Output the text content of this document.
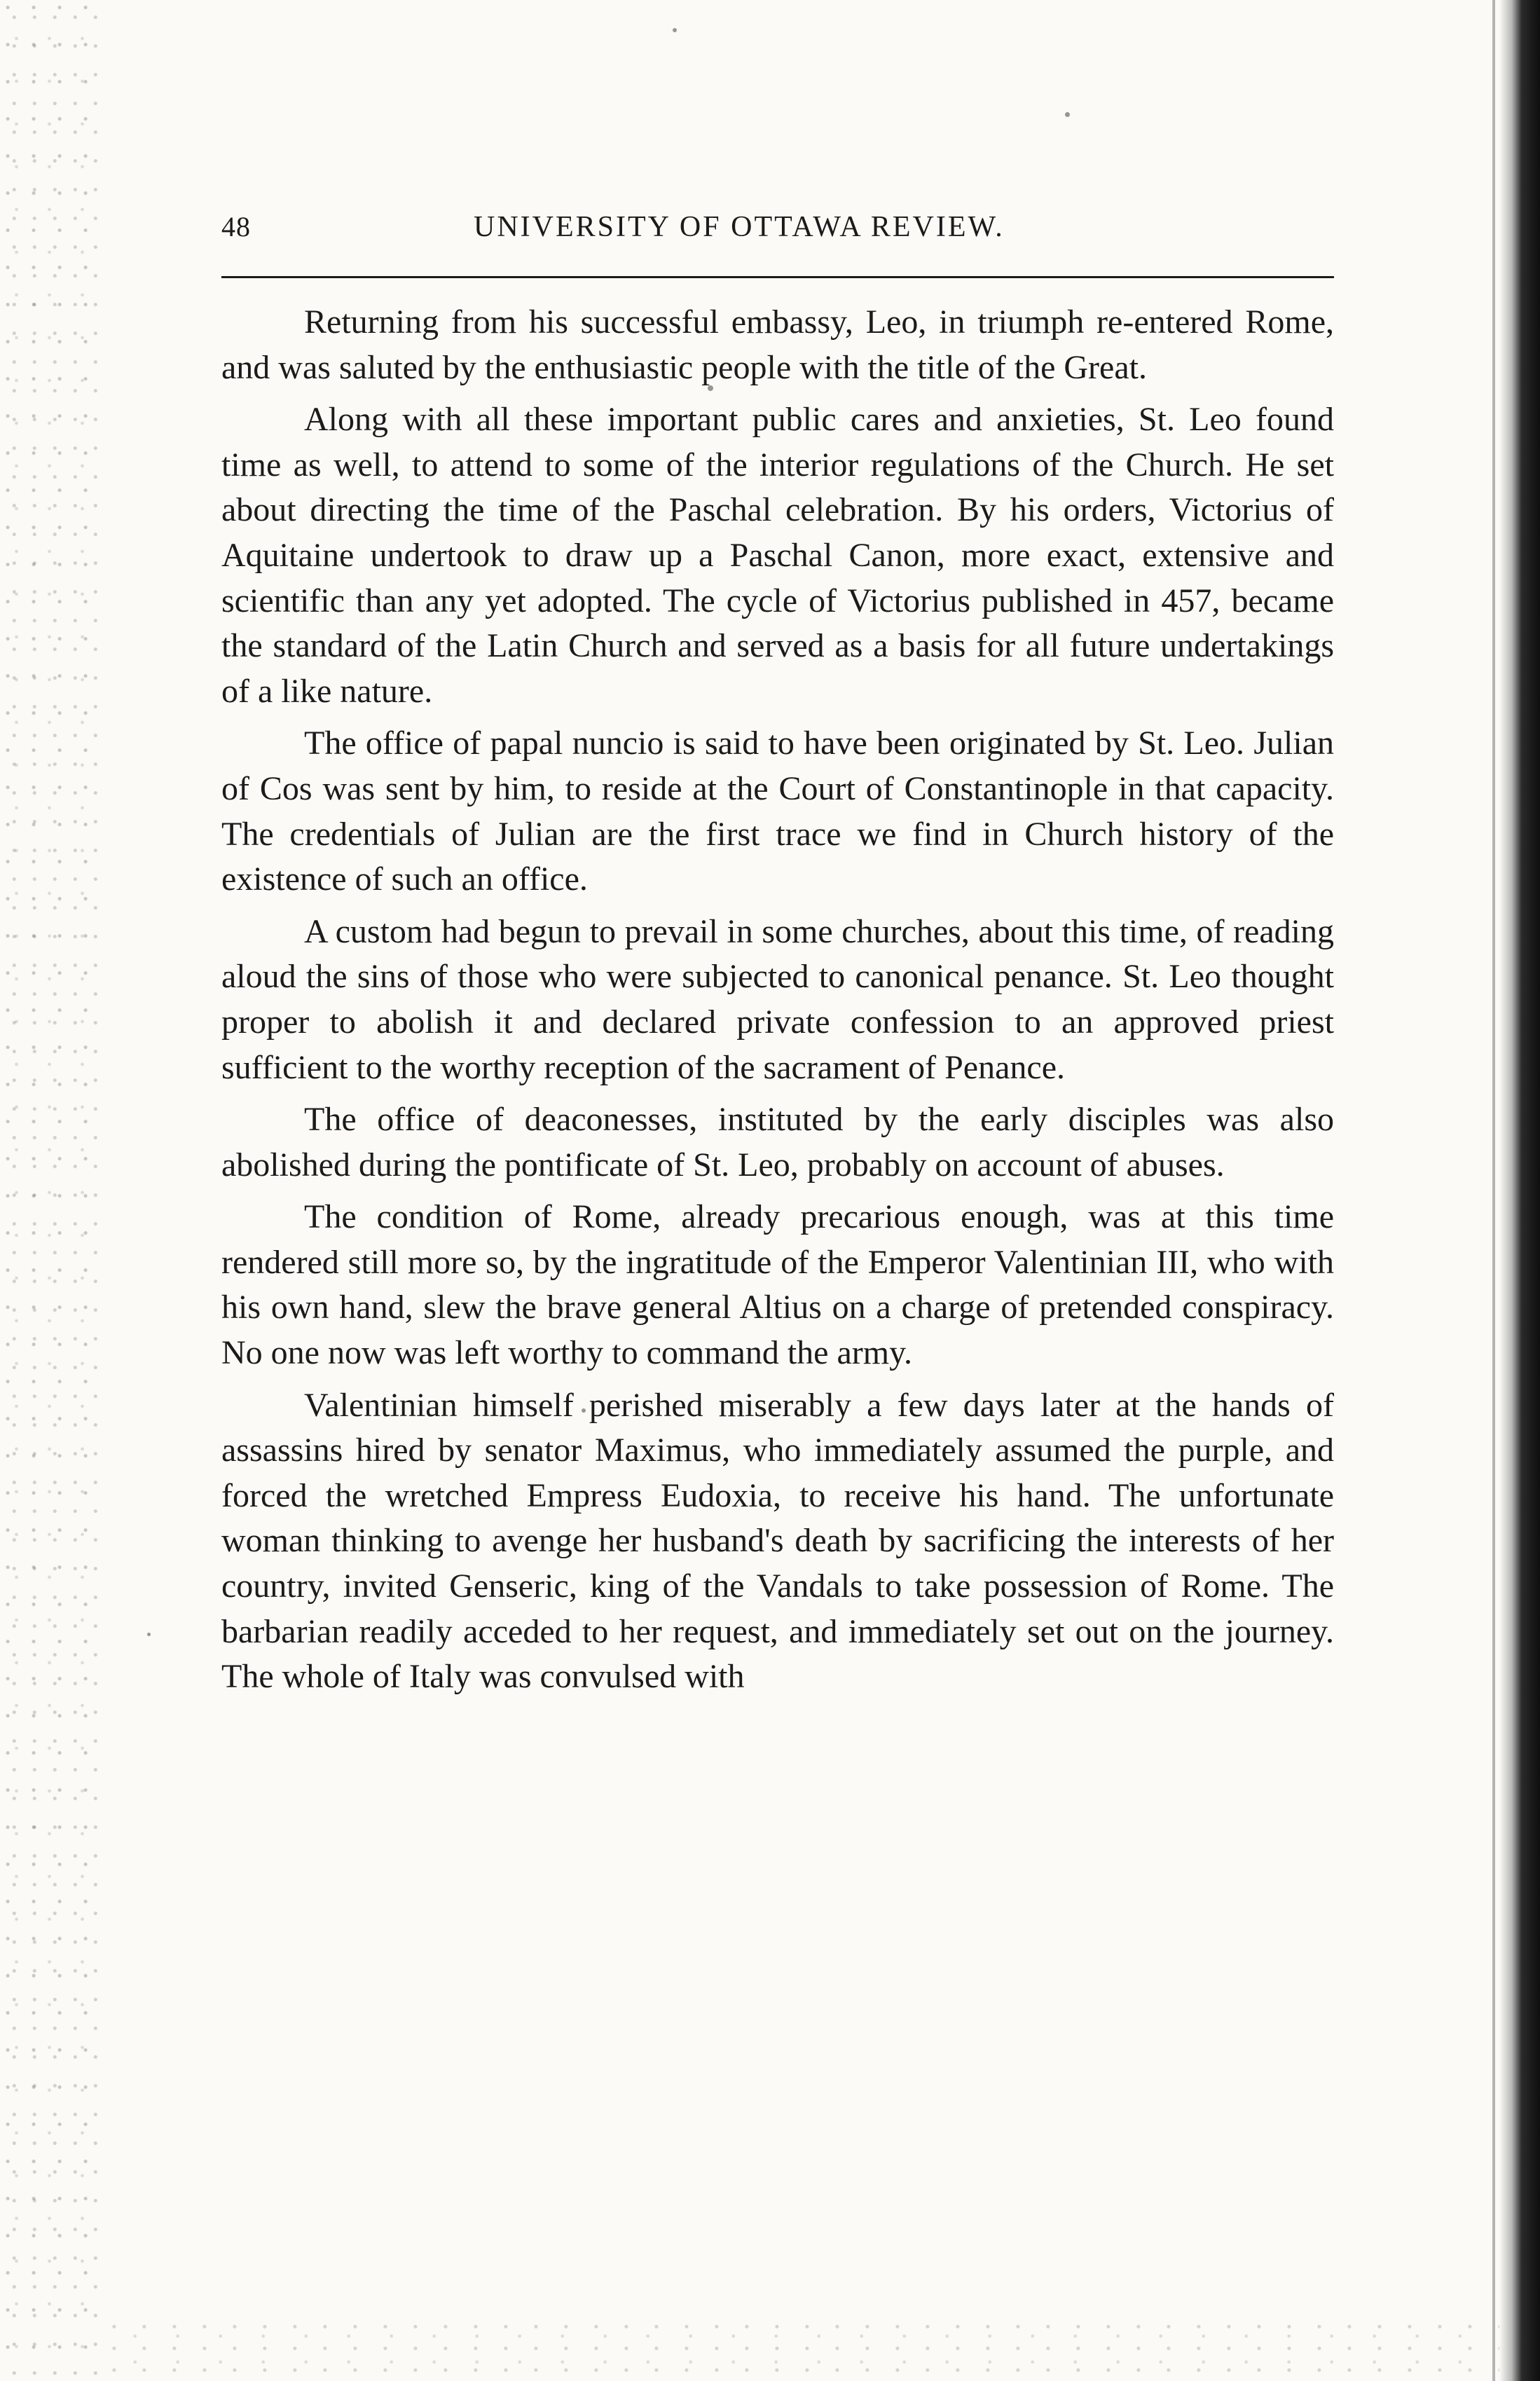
48	UNIVERSITY OF OTTAWA REVIEW.

Returning from his successful embassy, Leo, in triumph re-entered Rome, and was saluted by the enthusiastic people with the title of the Great.

Along with all these important public cares and anxieties, St. Leo found time as well, to attend to some of the interior regulations of the Church. He set about directing the time of the Paschal celebration. By his orders, Victorius of Aquitaine undertook to draw up a Paschal Canon, more exact, extensive and scientific than any yet adopted. The cycle of Victorius published in 457, became the standard of the Latin Church and served as a basis for all future undertakings of a like nature.

The office of papal nuncio is said to have been originated by St. Leo. Julian of Cos was sent by him, to reside at the Court of Constantinople in that capacity. The credentials of Julian are the first trace we find in Church history of the existence of such an office.

A custom had begun to prevail in some churches, about this time, of reading aloud the sins of those who were subjected to canonical penance. St. Leo thought proper to abolish it and declared private confession to an approved priest sufficient to the worthy reception of the sacrament of Penance.

The office of deaconesses, instituted by the early disciples was also abolished during the pontificate of St. Leo, probably on account of abuses.

The condition of Rome, already precarious enough, was at this time rendered still more so, by the ingratitude of the Emperor Valentinian III, who with his own hand, slew the brave general Altius on a charge of pretended conspiracy. No one now was left worthy to command the army.

Valentinian himself perished miserably a few days later at the hands of assassins hired by senator Maximus, who immediately assumed the purple, and forced the wretched Empress Eudoxia, to receive his hand. The unfortunate woman thinking to avenge her husband's death by sacrificing the interests of her country, invited Genseric, king of the Vandals to take possession of Rome. The barbarian readily acceded to her request, and immediately set out on the journey. The whole of Italy was convulsed with
